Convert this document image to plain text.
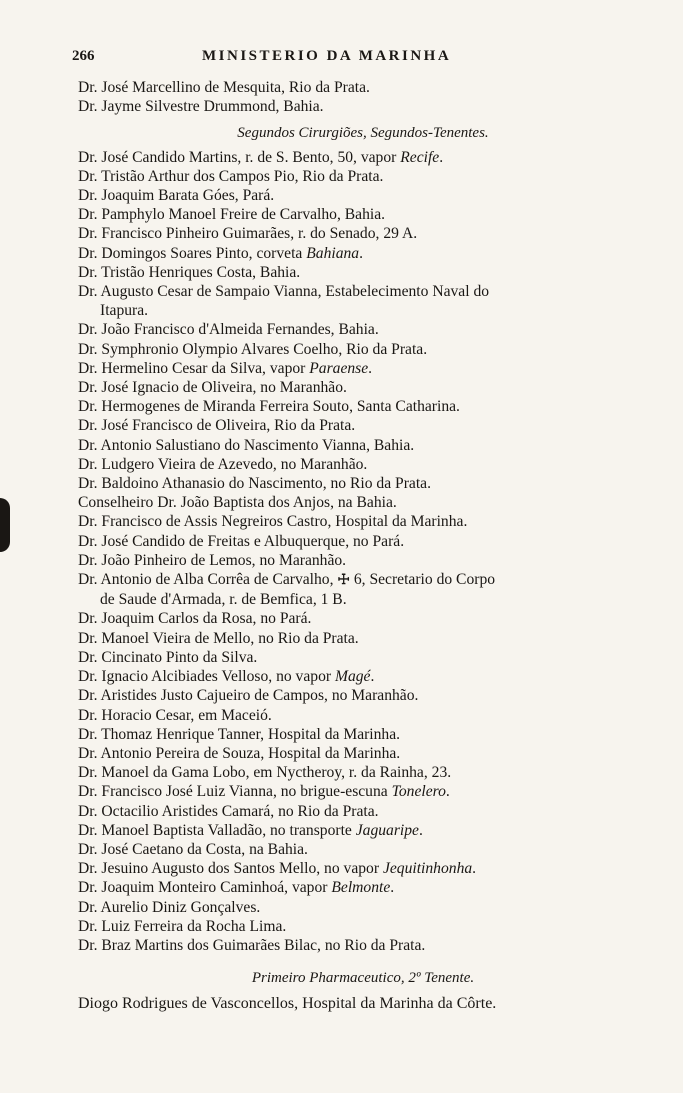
266	MINISTERIO DA MARINHA
Dr. José Marcellino de Mesquita, Rio da Prata.
Dr. Jayme Silvestre Drummond, Bahia.
Segundos Cirurgiões, Segundos-Tenentes.
Dr. José Candido Martins, r. de S. Bento, 50, vapor Recife.
Dr. Tristão Arthur dos Campos Pio, Rio da Prata.
Dr. Joaquim Barata Góes, Pará.
Dr. Pamphylo Manoel Freire de Carvalho, Bahia.
Dr. Francisco Pinheiro Guimarães, r. do Senado, 29 A.
Dr. Domingos Soares Pinto, corveta Bahiana.
Dr. Tristão Henriques Costa, Bahia.
Dr. Augusto Cesar de Sampaio Vianna, Estabelecimento Naval do
Itapura.
Dr. João Francisco d'Almeida Fernandes, Bahia.
Dr. Symphronio Olympio Alvares Coelho, Rio da Prata.
Dr. Hermelino Cesar da Silva, vapor Paraense.
Dr. José Ignacio de Oliveira, no Maranhão.
Dr. Hermogenes de Miranda Ferreira Souto, Santa Catharina.
Dr. José Francisco de Oliveira, Rio da Prata.
Dr. Antonio Salustiano do Nascimento Vianna, Bahia.
Dr. Ludgero Vieira de Azevedo, no Maranhão.
Dr. Baldoino Athanasio do Nascimento, no Rio da Prata.
Conselheiro Dr. João Baptista dos Anjos, na Bahia.
Dr. Francisco de Assis Negreiros Castro, Hospital da Marinha.
Dr. José Candido de Freitas e Albuquerque, no Pará.
Dr. João Pinheiro de Lemos, no Maranhão.
Dr. Antonio de Alba Corrêa de Carvalho, ☩ 6, Secretario do Corpo
de Saude d'Armada, r. de Bemfica, 1 B.
Dr. Joaquim Carlos da Rosa, no Pará.
Dr. Manoel Vieira de Mello, no Rio da Prata.
Dr. Cincinato Pinto da Silva.
Dr. Ignacio Alcibiades Velloso, no vapor Magé.
Dr. Aristides Justo Cajueiro de Campos, no Maranhão.
Dr. Horacio Cesar, em Maceió.
Dr. Thomaz Henrique Tanner, Hospital da Marinha.
Dr. Antonio Pereira de Souza, Hospital da Marinha.
Dr. Manoel da Gama Lobo, em Nyctheroy, r. da Rainha, 23.
Dr. Francisco José Luiz Vianna, no brigue-escuna Tonelero.
Dr. Octacilio Aristides Camará, no Rio da Prata.
Dr. Manoel Baptista Valladão, no transporte Jaguaripe.
Dr. José Caetano da Costa, na Bahia.
Dr. Jesuino Augusto dos Santos Mello, no vapor Jequitinhonha.
Dr. Joaquim Monteiro Caminhoá, vapor Belmonte.
Dr. Aurelio Diniz Gonçalves.
Dr. Luiz Ferreira da Rocha Lima.
Dr. Braz Martins dos Guimarães Bilac, no Rio da Prata.
Primeiro Pharmaceutico, 2º Tenente.
Diogo Rodrigues de Vasconcellos, Hospital da Marinha da Côrte.
